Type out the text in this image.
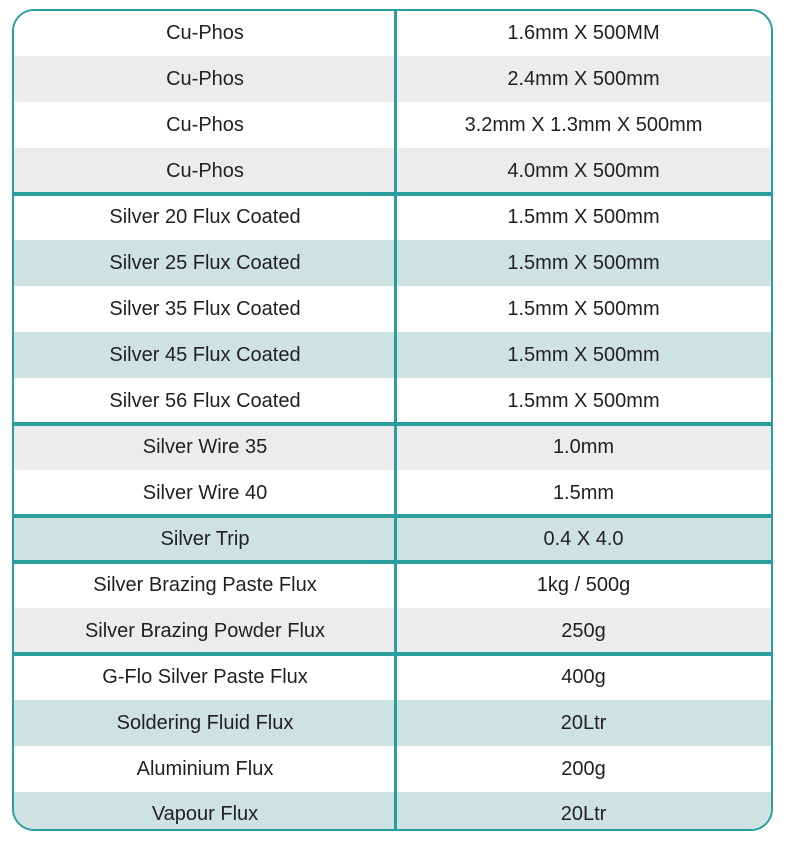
Cu-Phos	1.6mm X 500MM
Cu-Phos	2.4mm X 500mm
Cu-Phos	3.2mm X 1.3mm X 500mm
Cu-Phos	4.0mm X 500mm
Silver 20 Flux Coated	1.5mm X 500mm
Silver 25 Flux Coated	1.5mm X 500mm
Silver 35 Flux Coated	1.5mm X 500mm
Silver 45 Flux Coated	1.5mm X 500mm
Silver 56 Flux Coated	1.5mm X 500mm
Silver Wire 35	1.0mm
Silver Wire 40	1.5mm
Silver Trip	0.4 X 4.0
Silver Brazing Paste Flux	1kg / 500g
Silver Brazing Powder Flux	250g
G-Flo Silver Paste Flux	400g
Soldering Fluid Flux	20Ltr
Aluminium Flux	200g
Vapour Flux	20Ltr
